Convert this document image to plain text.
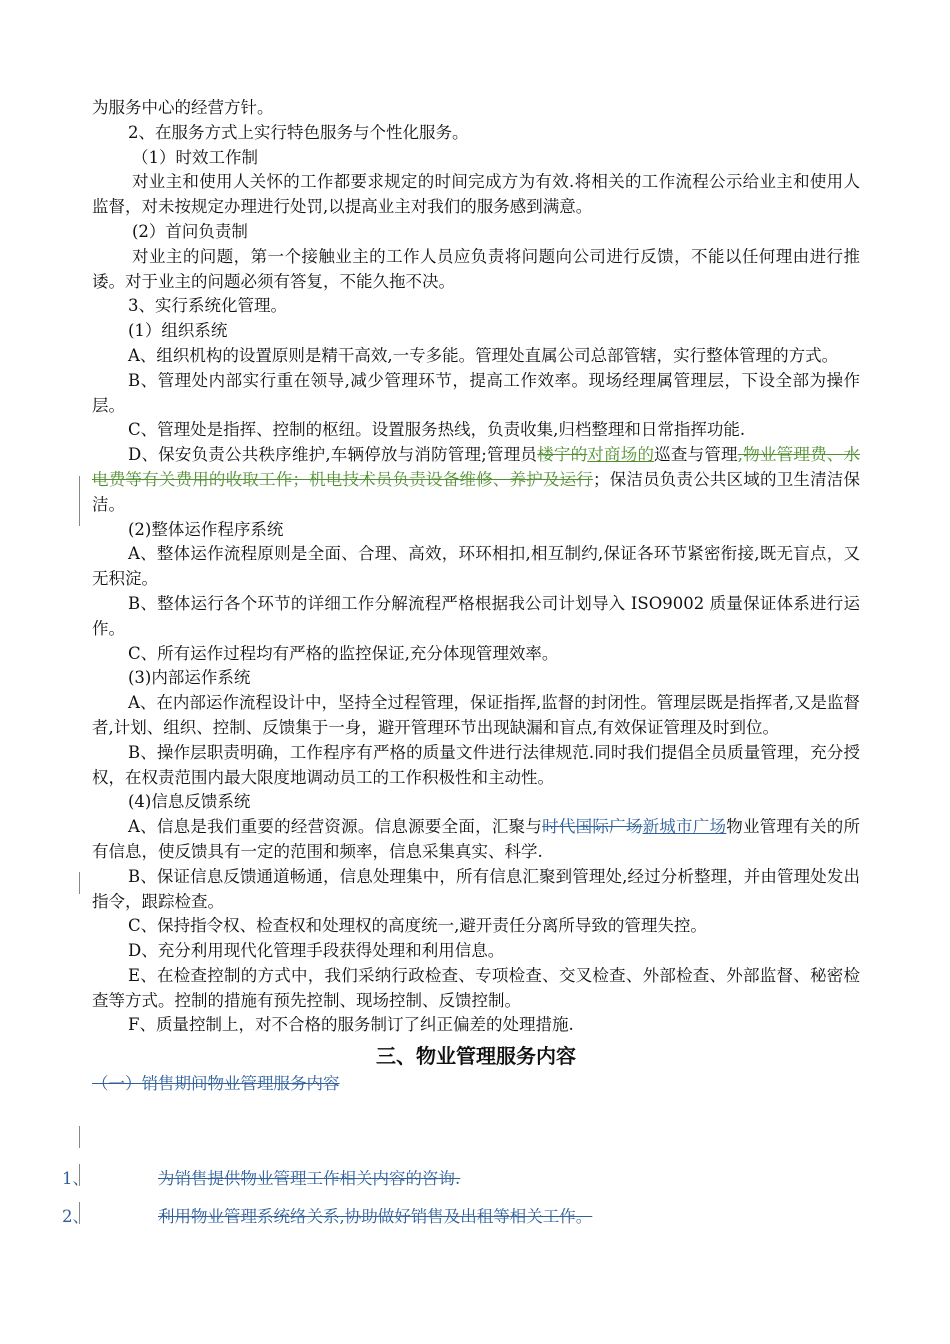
为服务中心的经营方针。

2、在服务方式上实行特色服务与个性化服务。

（1）时效工作制

对业主和使用人关怀的工作都要求规定的时间完成方为有效.将相关的工作流程公示给业主和使用人监督，对未按规定办理进行处罚,以提高业主对我们的服务感到满意。

(2）首问负责制

对业主的问题，第一个接触业主的工作人员应负责将问题向公司进行反馈，不能以任何理由进行推诿。对于业主的问题必须有答复，不能久拖不决。

3、实行系统化管理。

(1）组织系统

A、组织机构的设置原则是精干高效,一专多能。管理处直属公司总部管辖，实行整体管理的方式。

B、管理处内部实行重在领导,减少管理环节，提高工作效率。现场经理属管理层，下设全部为操作层。

C、管理处是指挥、控制的枢纽。设置服务热线，负责收集,归档整理和日常指挥功能.

D、保安负责公共秩序维护,车辆停放与消防管理;管理员楼宇的对商场的巡查与管理,物业管理费、水电费等有关费用的收取工作；机电技术员负责设备维修、养护及运行；保洁员负责公共区域的卫生清洁保洁。

(2)整体运作程序系统

A、整体运作流程原则是全面、合理、高效，环环相扣,相互制约,保证各环节紧密衔接,既无盲点，又无积淀。

B、整体运行各个环节的详细工作分解流程严格根据我公司计划导入 ISO9002 质量保证体系进行运作。

C、所有运作过程均有严格的监控保证,充分体现管理效率。

(3)内部运作系统

A、在内部运作流程设计中，坚持全过程管理，保证指挥,监督的封闭性。管理层既是指挥者,又是监督者,计划、组织、控制、反馈集于一身，避开管理环节出现缺漏和盲点,有效保证管理及时到位。

B、操作层职责明确，工作程序有严格的质量文件进行法律规范.同时我们提倡全员质量管理，充分授权，在权责范围内最大限度地调动员工的工作积极性和主动性。

(4)信息反馈系统

A、信息是我们重要的经营资源。信息源要全面，汇聚与时代国际广场新城市广场物业管理有关的所有信息，使反馈具有一定的范围和频率，信息采集真实、科学.

B、保证信息反馈通道畅通，信息处理集中，所有信息汇聚到管理处,经过分析整理，并由管理处发出指令，跟踪检查。

C、保持指令权、检查权和处理权的高度统一,避开责任分离所导致的管理失控。

D、充分利用现代化管理手段获得处理和利用信息。

E、在检查控制的方式中，我们采纳行政检查、专项检查、交叉检查、外部检查、外部监督、秘密检查等方式。控制的措施有预先控制、现场控制、反馈控制。

F、质量控制上，对不合格的服务制订了纠正偏差的处理措施.

三、物业管理服务内容

（一）销售期间物业管理服务内容

1、	为销售提供物业管理工作相关内容的咨询.
2、	利用物业管理系统络关系,协助做好销售及出租等相关工作。
